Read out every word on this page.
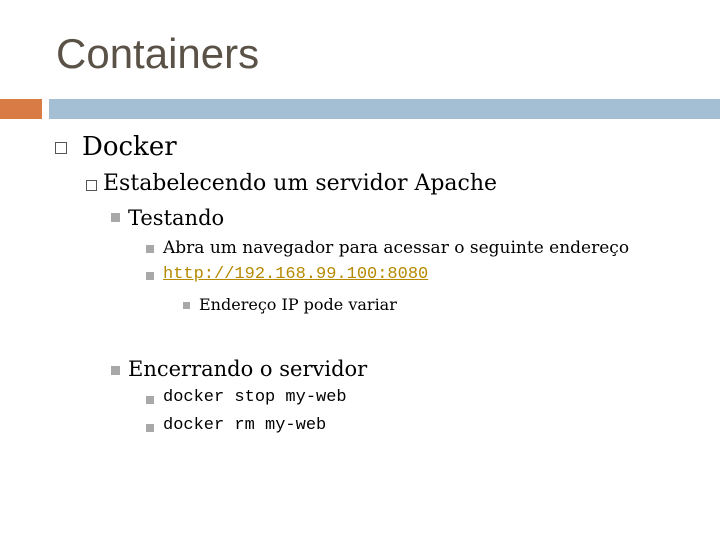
Containers
Docker
Estabelecendo um servidor Apache
Testando
Abra um navegador para acessar o seguinte endereço
http://192.168.99.100:8080
Endereço IP pode variar
Encerrando o servidor
docker stop my-web
docker rm my-web
